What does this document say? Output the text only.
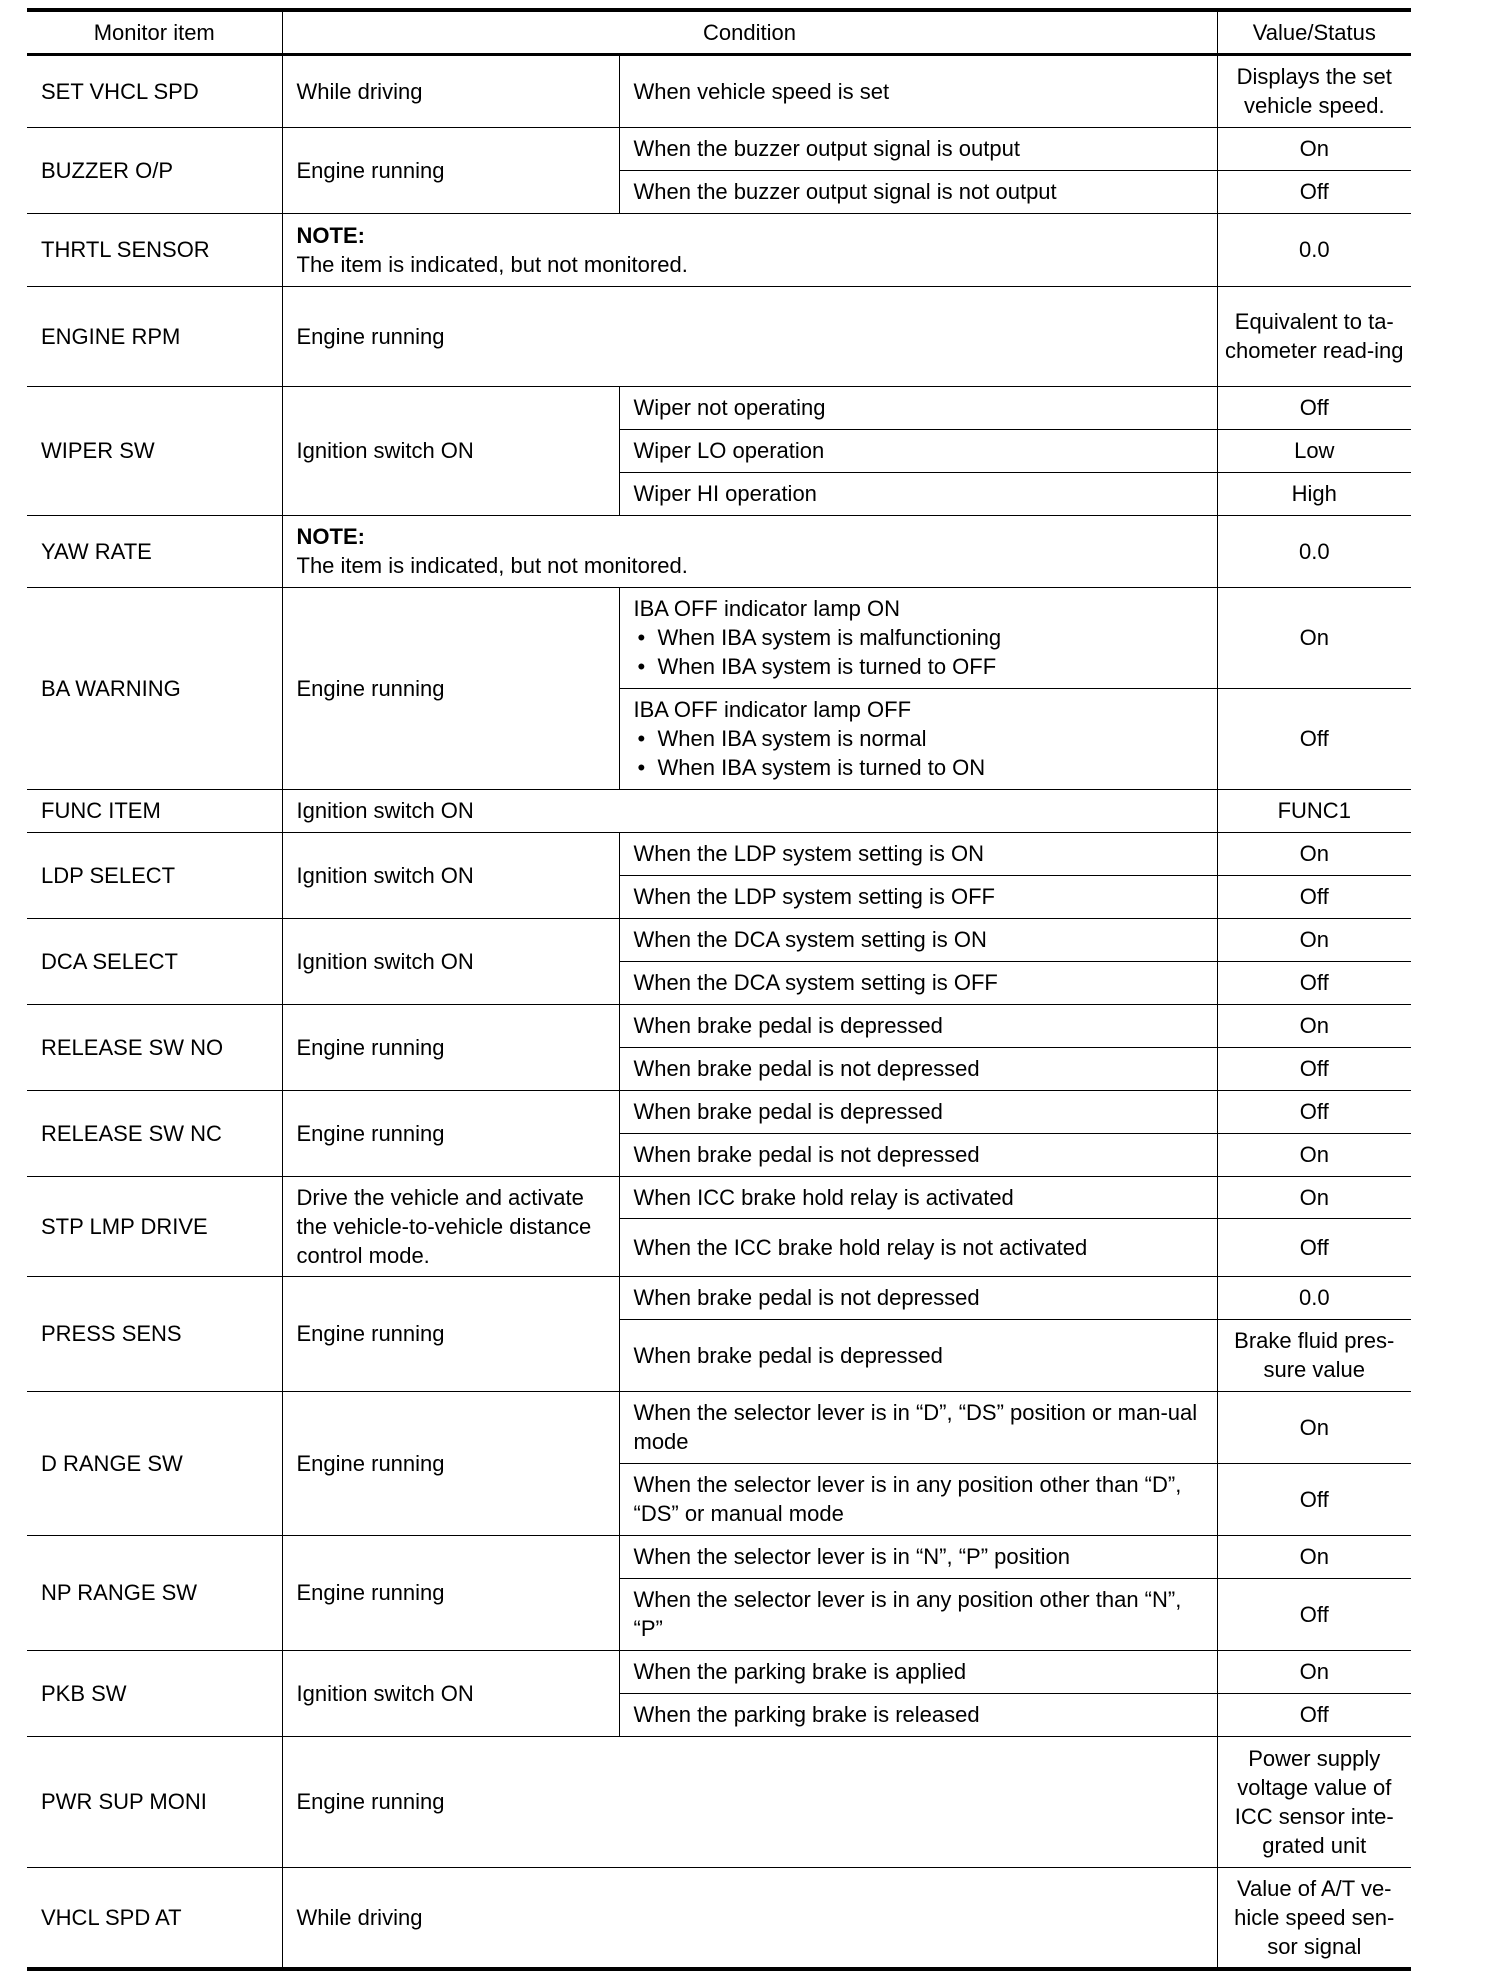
Monitor item	Condition		Value/Status
SET VHCL SPD	While driving	When vehicle speed is set	Displays the set vehicle speed.
BUZZER O/P	Engine running	When the buzzer output signal is output	On
		When the buzzer output signal is not output	Off
THRTL SENSOR	NOTE:
The item is indicated, but not monitored.		0.0
ENGINE RPM	Engine running		Equivalent to ta-chometer read-ing
WIPER SW	Ignition switch ON	Wiper not operating	Off
		Wiper LO operation	Low
		Wiper HI operation	High
YAW RATE	NOTE:
The item is indicated, but not monitored.		0.0
BA WARNING	Engine running	IBA OFF indicator lamp ON
• When IBA system is malfunctioning
• When IBA system is turned to OFF	On

		IBA OFF indicator lamp OFF
• When IBA system is normal
• When IBA system is turned to ON	Off
FUNC ITEM	Ignition switch ON		FUNC1
LDP SELECT	Ignition switch ON	When the LDP system setting is ON	On
		When the LDP system setting is OFF	Off
DCA SELECT	Ignition switch ON	When the DCA system setting is ON	On
		When the DCA system setting is OFF	Off
RELEASE SW NO	Engine running	When brake pedal is depressed	On
		When brake pedal is not depressed	Off
RELEASE SW NC	Engine running	When brake pedal is depressed	Off
		When brake pedal is not depressed	On
STP LMP DRIVE	Drive the vehicle and activate the vehicle-to-vehicle distance control mode.	When ICC brake hold relay is activated	On
		When the ICC brake hold relay is not activated	Off
PRESS SENS	Engine running	When brake pedal is not depressed	0.0
		When brake pedal is depressed	Brake fluid pres-sure value
D RANGE SW	Engine running	When the selector lever is in “D”, “DS” position or man-ual mode	On
		When the selector lever is in any position other than “D”, “DS” or manual mode	Off
NP RANGE SW	Engine running	When the selector lever is in “N”, “P” position	On
		When the selector lever is in any position other than “N”, “P”	Off
PKB SW	Ignition switch ON	When the parking brake is applied	On
		When the parking brake is released	Off
PWR SUP MONI	Engine running		Power supply voltage value of ICC sensor inte-grated unit
VHCL SPD AT	While driving		Value of A/T ve-hicle speed sen-sor signal
